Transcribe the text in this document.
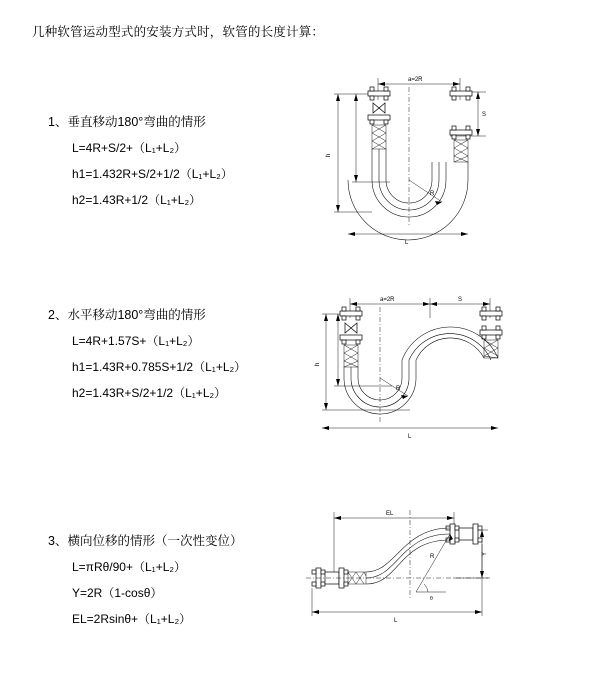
几种软管运动型式的安装方式时，软管的长度计算：
1、垂直移动180°弯曲的情形
L=4R+S/2+（L₁+L₂）
h1=1.432R+S/2+1/2（L₁+L₂）
h2=1.43R+1/2（L₁+L₂）
a=2R
S
h
R
L
2、水平移动180°弯曲的情形
L=4R+1.57S+（L₁+L₂）
h1=1.43R+0.785S+1/2（L₁+L₂）
h2=1.43R+S/2+1/2（L₁+L₂）
a=2R	S
h
R
L
3、横向位移的情形（一次性变位）
L=πRθ/90+（L₁+L₂）
Y=2R（1-cosθ）
EL=2Rsinθ+（L₁+L₂）
EL
Y
R
θ
L
